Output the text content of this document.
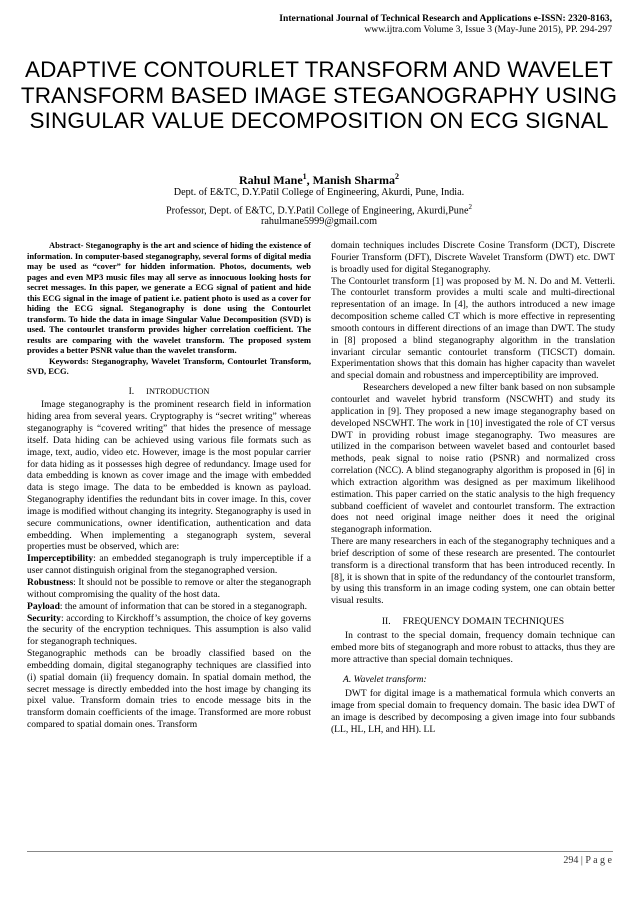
International Journal of Technical Research and Applications e-ISSN: 2320-8163,
www.ijtra.com Volume 3, Issue 3 (May-June 2015), PP. 294-297
ADAPTIVE CONTOURLET TRANSFORM AND WAVELET TRANSFORM BASED IMAGE STEGANOGRAPHY USING SINGULAR VALUE DECOMPOSITION ON ECG SIGNAL
Rahul Mane$^1$, Manish Sharma$^2$
Dept. of E&TC, D.Y.Patil College of Engineering, Akurdi, Pune, India.
Professor, Dept. of E&TC, D.Y.Patil College of Engineering, Akurdi,Pune$^2$
rahulmane5999@gmail.com

Abstract- Steganography is the art and science of hiding the existence of information. In computer-based steganography, several forms of digital media may be used as “cover” for hidden information. Photos, documents, web pages and even MP3 music files may all serve as innocuous looking hosts for secret messages. In this paper, we generate a ECG signal of patient and hide this ECG signal in the image of patient i.e. patient photo is used as a cover for hiding the ECG signal. Steganography is done using the Contourlet transform. To hide the data in image Singular Value Decomposition (SVD) is used. The contourlet transform provides higher correlation coefficient. The results are comparing with the wavelet transform. The proposed system provides a better PSNR value than the wavelet transform.

Keywords: Steganography, Wavelet Transform, Contourlet Transform, SVD, ECG.

I. INTRODUCTION

Image steganography is the prominent research field in information hiding area from several years. Cryptography is “secret writing” whereas steganography is “covered writing” that hides the presence of message itself. Data hiding can be achieved using various file formats such as image, text, audio, video etc. However, image is the most popular carrier for data hiding as it possesses high degree of redundancy. Image used for data embedding is known as cover image and the image with embedded data is stego image. The data to be embedded is known as payload. Steganography identifies the redundant bits in cover image. In this, cover image is modified without changing its integrity. Steganography is used in secure communications, owner identification, authentication and data embedding. When implementing a steganograph system, several properties must be observed, which are:

Imperceptibility: an embedded steganograph is truly imperceptible if a user cannot distinguish original from the steganographed version.

Robustness: It should not be possible to remove or alter the steganograph without compromising the quality of the host data.

Payload: the amount of information that can be stored in a steganograph.

Security: according to Kirckhoff’s assumption, the choice of key governs the security of the encryption techniques. This assumption is also valid for steganograph techniques.

Steganographic methods can be broadly classified based on the embedding domain, digital steganography techniques are classified into (i) spatial domain (ii) frequency domain. In spatial domain method, the secret message is directly embedded into the host image by changing its pixel value. Transform domain tries to encode message bits in the transform domain coefficients of the image. Transformed are more robust compared to spatial domain ones. Transform

domain techniques includes Discrete Cosine Transform (DCT), Discrete Fourier Transform (DFT), Discrete Wavelet Transform (DWT) etc. DWT is broadly used for digital Steganography.

The Contourlet transform [1] was proposed by M. N. Do and M. Vetterli. The contourlet transform provides a multi scale and multi-directional representation of an image. In [4], the authors introduced a new image decomposition scheme called CT which is more effective in representing smooth contours in different directions of an image than DWT. The study in [8] proposed a blind steganography algorithm in the translation invariant circular semantic contourlet transform (TICSCT) domain. Experimentation shows that this domain has higher capacity than wavelet and special domain and robustness and imperceptibility are improved.

Researchers developed a new filter bank based on non subsample contourlet and wavelet hybrid transform (NSCWHT) and study its application in [9]. They proposed a new image steganography based on developed NSCWHT. The work in [10] investigated the role of CT versus DWT in providing robust image steganography. Two measures are utilized in the comparison between wavelet based and contourlet based methods, peak signal to noise ratio (PSNR) and normalized cross correlation (NCC). A blind steganography algorithm is proposed in [6] in which extraction algorithm was designed as per maximum likelihood estimation. This paper carried on the static analysis to the high frequency subband coefficient of wavelet and contourlet transform. The extraction does not need original image neither does it need the original steganograph information.

There are many researchers in each of the steganography techniques and a brief description of some of these research are presented. The contourlet transform is a directional transform that has been introduced recently. In [8], it is shown that in spite of the redundancy of the contourlet transform, by using this transform in an image coding system, one can obtain better visual results.

II. FREQUENCY DOMAIN TECHNIQUES

In contrast to the special domain, frequency domain technique can embed more bits of steganograph and more robust to attacks, thus they are more attractive than special domain techniques.

A. Wavelet transform:

DWT for digital image is a mathematical formula which converts an image from special domain to frequency domain. The basic idea DWT of an image is described by decomposing a given image into four subbands (LL, HL, LH, and HH). LL

294 | P a g e
